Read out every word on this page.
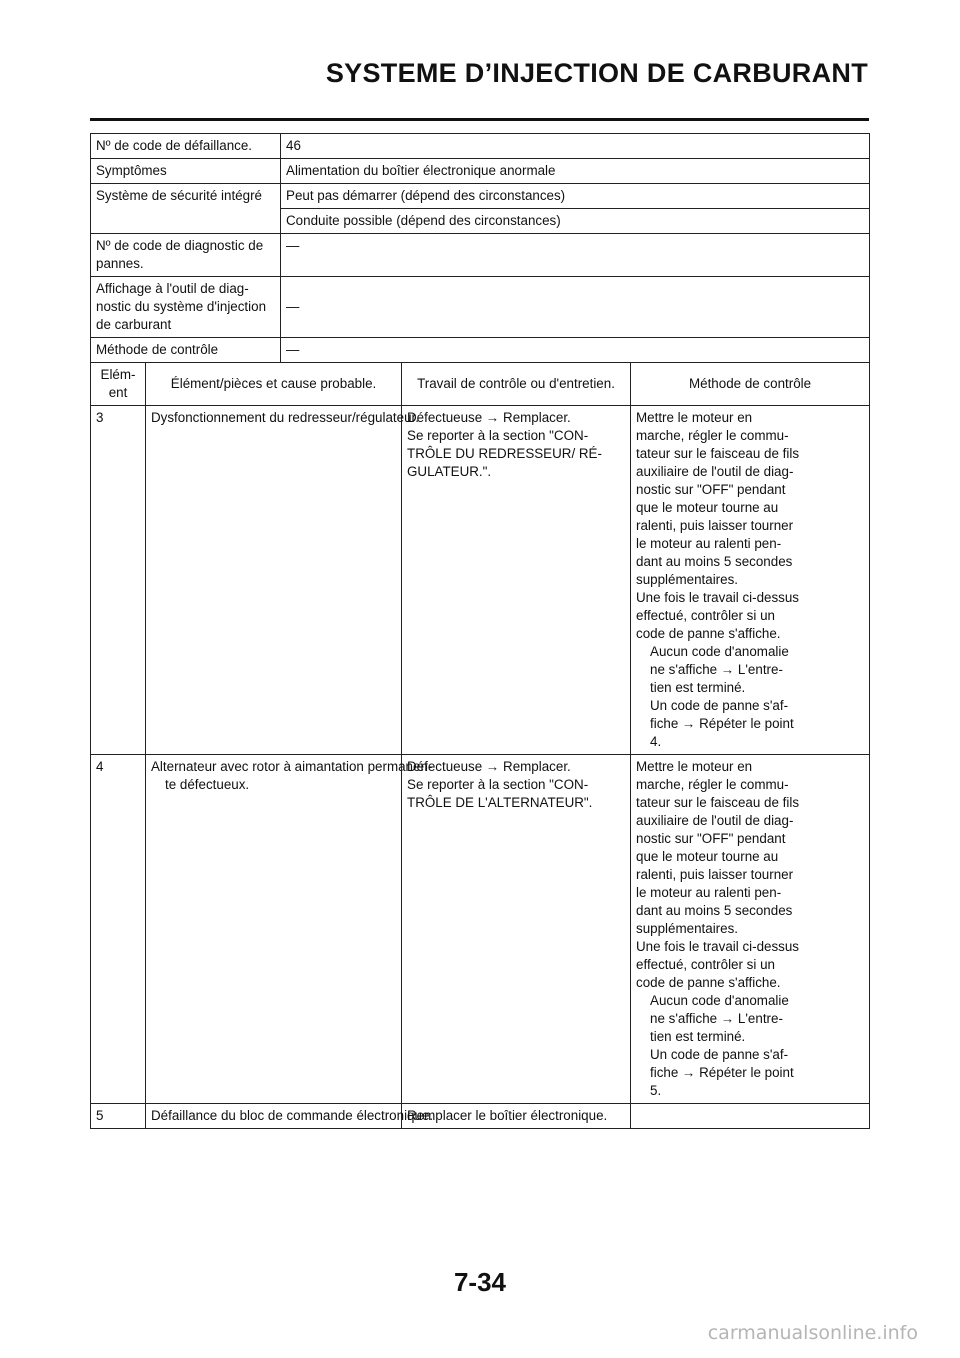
SYSTEME D’INJECTION DE CARBURANT
Nº de code de défaillance.	46
Symptômes	Alimentation du boîtier électronique anormale
Système de sécurité intégré	Peut pas démarrer (dépend des circonstances)
Conduite possible (dépend des circonstances)

Nº de code de diagnostic de
pannes.
	—

Affichage à l'outil de diag-
nostic du système d'injection
de carburant
	—
Méthode de contrôle	—

Elém-
ent
	Élément/pièces et cause probable.	Travail de contrôle ou d'entretien.	Méthode de contrôle
3	Dysfonctionnement du redresseur/régulateur.

Défectueuse → Remplacer.
Se reporter à la section "CON-
TRÔLE DU REDRESSEUR/ RÉ-
GULATEUR.".

Mettre le moteur en
marche, régler le commu-
tateur sur le faisceau de fils
auxiliaire de l'outil de diag-
nostic sur "OFF" pendant
que le moteur tourne au
ralenti, puis laisser tourner
le moteur au ralenti pen-
dant au moins 5 secondes
supplémentaires.
Une fois le travail ci-dessus
effectué, contrôler si un
code de panne s'affiche.
Aucun code d'anomalie
ne s'affiche → L'entre-
tien est terminé.
Un code de panne s'af-
fiche → Répéter le point
4.

4	Alternateur avec rotor à aimantation permanen-
te défectueux.

Défectueuse → Remplacer.
Se reporter à la section "CON-
TRÔLE DE L'ALTERNATEUR".

Mettre le moteur en
marche, régler le commu-
tateur sur le faisceau de fils
auxiliaire de l'outil de diag-
nostic sur "OFF" pendant
que le moteur tourne au
ralenti, puis laisser tourner
le moteur au ralenti pen-
dant au moins 5 secondes
supplémentaires.
Une fois le travail ci-dessus
effectué, contrôler si un
code de panne s'affiche.
Aucun code d'anomalie
ne s'affiche → L'entre-
tien est terminé.
Un code de panne s'af-
fiche → Répéter le point
5.

5	Défaillance du bloc de commande électronique.

Remplacer le boîtier électronique.

7-34
carmanualsonline.info
